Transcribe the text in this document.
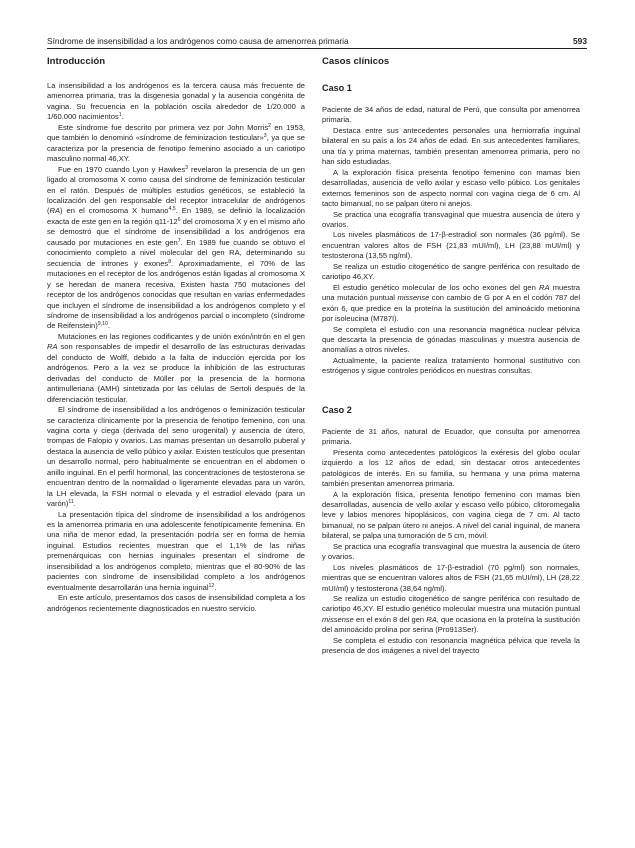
Síndrome de insensibilidad a los andrógenos como causa de amenorrea primaria	593
Introducción

La insensibilidad a los andrógenos es la tercera causa más frecuente de amenorrea primaria, tras la disgenesia gonadal y la ausencia congénita de vagina. Su frecuencia en la población oscila alrededor de 1/20.000 a 1/60.000 nacimientos$^1$.

Este síndrome fue descrito por primera vez por John Morris$^2$ en 1953, que también lo denominó «síndrome de feminizacion testicular»$^3$, ya que se caracteriza por la presencia de fenotipo femenino asociado a un cariotipo masculino normal 46,XY.

Fue en 1970 cuando Lyon y Hawkes$^3$ revelaron la presencia de un gen ligado al cromosoma X como causa del síndrome de feminización testicular en el ratón. Después de múltiples estudios genéticos, se estableció la localización del gen responsable del receptor intracelular de andrógenos (RA) en el cromosoma X humano$^{4,5}$. En 1989, se definió la localización exacta de este gen en la región $q11-12^6$ del cromosoma X y en el mismo año se demostró que el síndrome de insensibilidad a los andrógenos era causado por mutaciones en este gen$^7$. En 1989 fue cuando se obtuvo el conocimiento completo a nivel molecular del gen RA, determinando su secuencia de intrones y exones$^8$. Aproximadamente, el 70% de las mutaciones en el receptor de los andrógenos están ligadas al cromosoma X y se heredan de manera recesiva. Existen hasta 750 mutaciones del receptor de los andrógenos conocidas que resultan en varias enfermedades que incluyen el síndrome de insensibilidad a los andrógenos completo y el síndrome de insensibilidad a los andrógenos parcial o incompleto (síndrome de Reifenstein)$^{9,10}$.

Mutaciones en las regiones codificantes y de unión exón/intrón en el gen RA son responsables de impedir el desarrollo de las estructuras derivadas del conducto de Wolff, debido a la falta de inducción ejercida por los andrógenos. Pero a la vez se produce la inhibición de las estructuras derivadas del conducto de Müller por la presencia de la hormona antimulleriana (AMH) sintetizada por las células de Sertoli después de la diferenciación testicular.

El síndrome de insensibilidad a los andrógenos o feminización testicular se caracteriza clínicamente por la presencia de fenotipo femenino, con una vagina corta y ciega (derivada del seno urogenital) y ausencia de útero, trompas de Falopio y ovarios. Las mamas presentan un desarrollo puberal y destaca la ausencia de vello púbico y axilar. Existen testículos que presentan un desarrollo normal, pero habitualmente se encuentran en el abdomen o anillo inguinal. En el perfil hormonal, las concentraciones de testosterona se encuentran dentro de la normalidad o ligeramente elevadas para un varón, la LH elevada, la FSH normal o elevada y el estradiol elevado (para un varón)$^{11}$.

La presentación típica del síndrome de insensibilidad a los andrógenos es la amenorrea primaria en una adolescente fenotípicamente femenina. En una niña de menor edad, la presentación podría ser en forma de hernia inguinal. Estudios recientes muestran que el 1,1% de las niñas premenárquicas con hernias inguinales presentan el síndrome de insensibilidad a los andrógenos completo, mientras que el 80-90% de las pacientes con síndrome de insensibilidad completo a los andrógenos eventualmente desarrollarán una hernia inguinal$^{12}$.

En este artículo, presentamos dos casos de insensibilidad completa a los andrógenos recientemente diagnosticados en nuestro servicio.

Casos clínicos
Caso 1

Paciente de 34 años de edad, natural de Perú, que consulta por amenorrea primaria.

Destaca entre sus antecedentes personales una herniorrafia inguinal bilateral en su país a los 24 años de edad. En sus antecedentes familiares, una tía y prima maternas, también presentan amenorrea primaria, pero no han sido estudiadas.

A la exploración física presenta fenotipo femenino con mamas bien desarrolladas, ausencia de vello axilar y escaso vello púbico. Los genitales externos femeninos son de aspecto normal con vagina ciega de 6 cm. Al tacto bimanual, no se palpan útero ni anejos.

Se practica una ecografía transvaginal que muestra ausencia de útero y ovarios.

Los niveles plasmáticos de 17-β-estradiol son normales (36 pg/ml). Se encuentran valores altos de FSH (21,83 mUI/ml), LH (23,88 mUI/ml) y testosterona (13,55 ng/ml).

Se realiza un estudio citogenético de sangre periférica con resultado de cariotipo 46,XY.

El estudio genético molecular de los ocho exones del gen RA muestra una mutación puntual missense con cambio de G por A en el codón 787 del exón 6, que predice en la proteína la sustitución del aminoácido metionina por isoleucina (M787I).

Se completa el estudio con una resonancia magnética nuclear pélvica que descarta la presencia de gónadas masculinas y muestra ausencia de anomalías a otros niveles.

Actualmente, la paciente realiza tratamiento hormonal sustitutivo con estrógenos y sigue controles periódicos en nuestras consultas.

Caso 2

Paciente de 31 años, natural de Ecuador, que consulta por amenorrea primaria.

Presenta como antecedentes patológicos la exéresis del globo ocular izquierdo a los 12 años de edad, sin destacar otros antecedentes patológicos de interés. En su familia, su hermana y una prima materna también presentan amenorrea primaria.

A la exploración física, presenta fenotipo femenino con mamas bien desarrolladas, ausencia de vello axilar y escaso vello púbico, clitoromegalia leve y labios menores hipoplásicos, con vagina ciega de 7 cm. Al tacto bimanual, no se palpan útero ni anejos. A nivel del canal inguinal, de manera bilateral, se palpa una tumoración de 5 cm, móvil.

Se practica una ecografía transvaginal que muestra la ausencia de útero y ovarios.

Los niveles plasmáticos de 17-β-estradiol (70 pg/ml) son normales, mientras que se encuentran valores altos de FSH (21,65 mUI/ml), LH (28,22 mUI/ml) y testosterona (38,64 ng/ml).

Se realiza un estudio citogenético de sangre periférica con resultado de cariotipo 46,XY. El estudio genético molecular muestra una mutación puntual missense en el exón 8 del gen RA, que ocasiona en la proteína la sustitución del aminoácido prolina por serina (Pro913Ser).

Se completa el estudio con resonancia magnética pélvica que revela la presencia de dos imágenes a nivel del trayecto
